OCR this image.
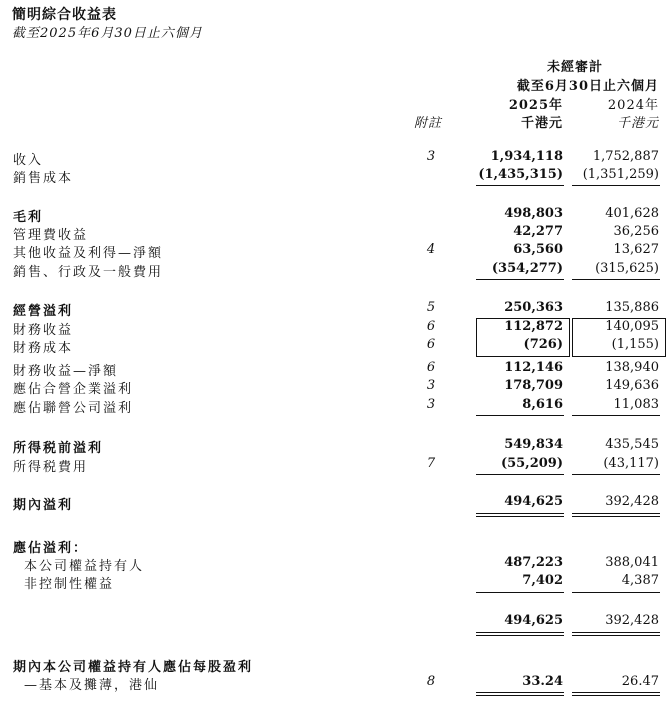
簡明綜合收益表
截至2025年6月30日止六個月
未經審計
截至6月30日止六個月
2025年	2024年
附註	千港元	千港元
收入	3	1,934,118 1,752,887
銷售成本	(1,435,315) (1,351,259)
毛利	498,803	401,628
管理費收益	42,277	36,256
其他收益及利得—淨額	4	63,560	13,627
銷售、行政及一般費用	(354,277) (315,625)
經營溢利	5	250,363	135,886
財務收益	6	112,872	140,095
財務成本	6	(726)	(1,155)
財務收益—淨額	6	112,146	138,940
應佔合營企業溢利	3	178,709	149,636
應佔聯營公司溢利	3	8,616	11,083
所得税前溢利	549,834	435,545
所得税費用	7	(55,209)	(43,117)
期內溢利	494,625	392,428
應佔溢利：
本公司權益持有人	487,223	388,041
非控制性權益	7,402	4,387
494,625	392,428
期內本公司權益持有人應佔每股盈利
—基本及攤薄，港仙	8	33.24	26.47
